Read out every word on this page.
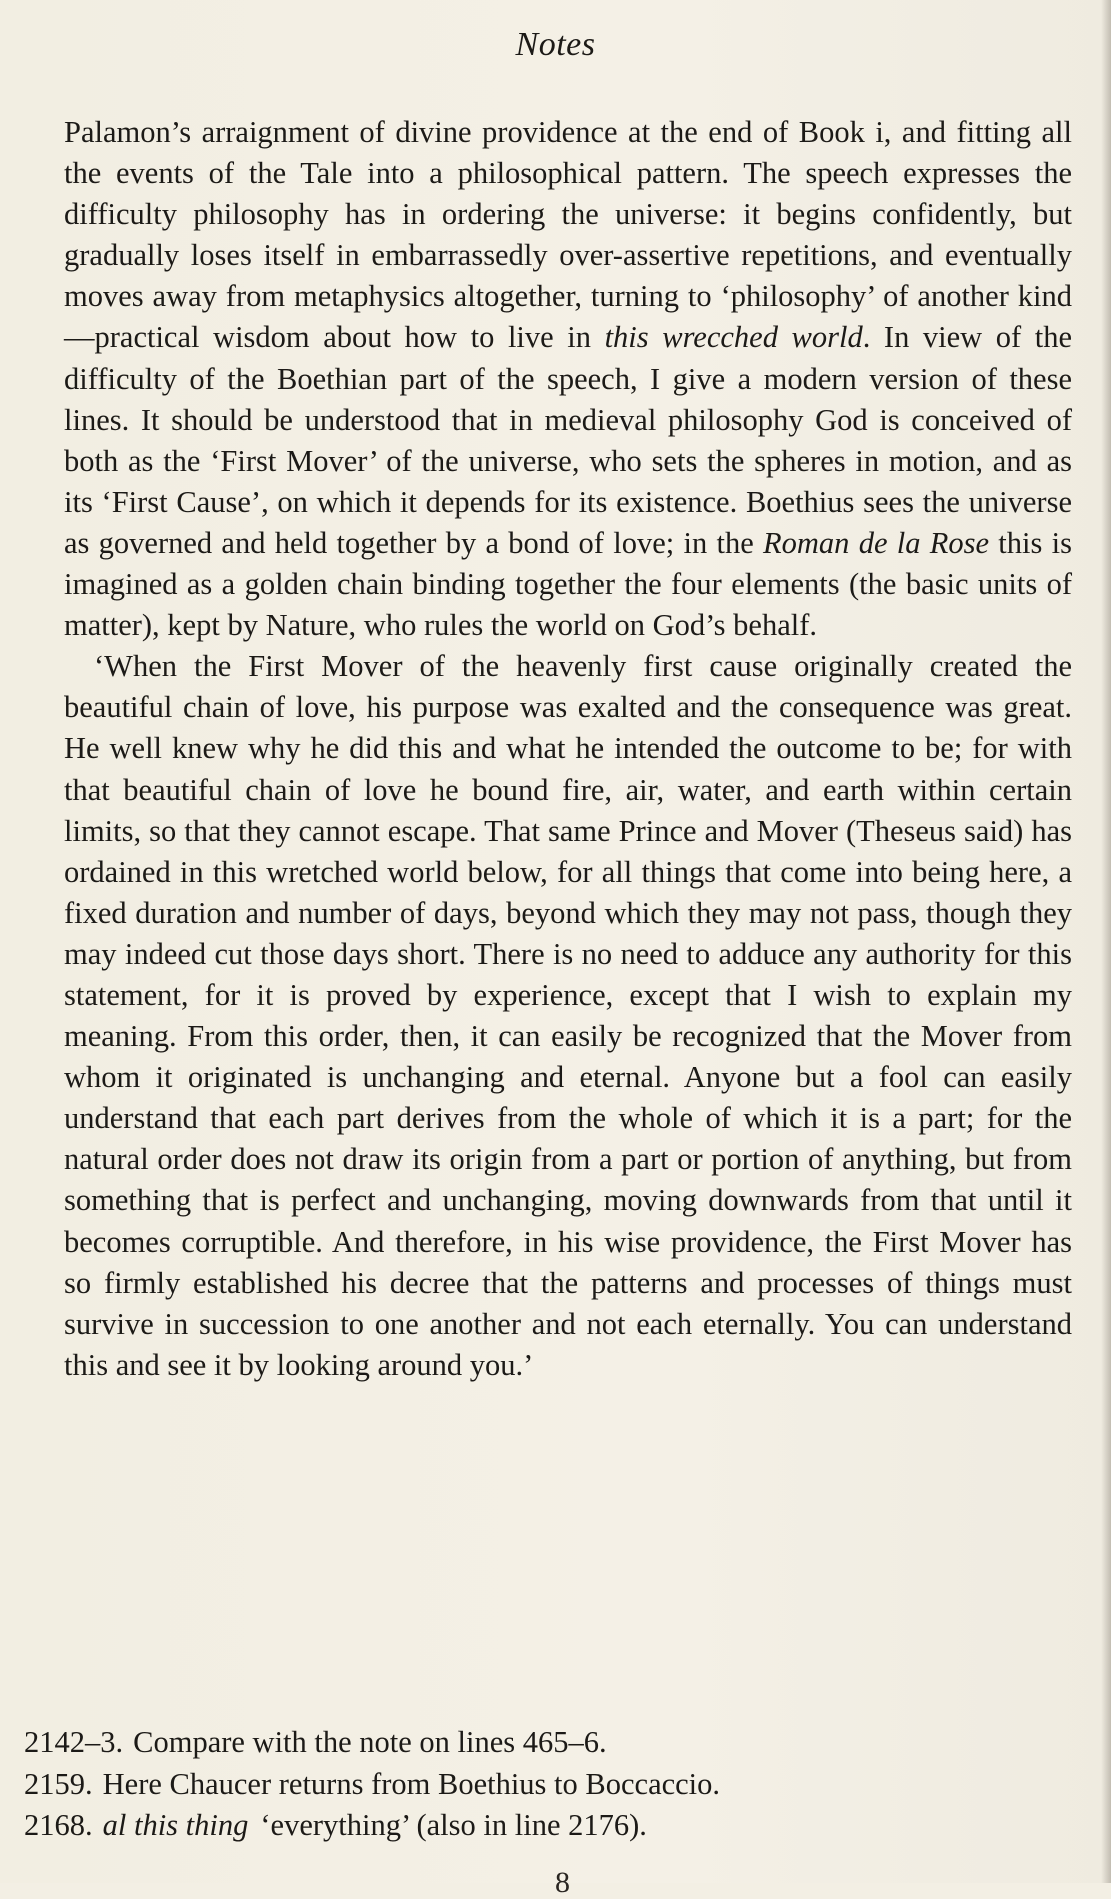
Notes

Palamon’s arraignment of divine providence at the end of Book i, and fitting all the events of the Tale into a philosophical pattern. The speech expresses the difficulty philosophy has in ordering the universe: it begins confidently, but gradually loses itself in embarrassedly over-assertive repetitions, and eventually moves away from metaphysics altogether, turning to ‘philosophy’ of another kind—practical wisdom about how to live in this wrecched world. In view of the difficulty of the Boethian part of the speech, I give a modern version of these lines. It should be understood that in medieval philosophy God is conceived of both as the ‘First Mover’ of the universe, who sets the spheres in motion, and as its ‘First Cause’, on which it depends for its existence. Boethius sees the universe as governed and held together by a bond of love; in the Roman de la Rose this is imagined as a golden chain binding together the four elements (the basic units of matter), kept by Nature, who rules the world on God’s behalf.

‘When the First Mover of the heavenly first cause originally created the beautiful chain of love, his purpose was exalted and the consequence was great. He well knew why he did this and what he intended the outcome to be; for with that beautiful chain of love he bound fire, air, water, and earth within certain limits, so that they cannot escape. That same Prince and Mover (Theseus said) has ordained in this wretched world below, for all things that come into being here, a fixed duration and number of days, beyond which they may not pass, though they may indeed cut those days short. There is no need to adduce any authority for this statement, for it is proved by experience, except that I wish to explain my meaning. From this order, then, it can easily be recognized that the Mover from whom it originated is unchanging and eternal. Anyone but a fool can easily understand that each part derives from the whole of which it is a part; for the natural order does not draw its origin from a part or portion of anything, but from something that is perfect and unchanging, moving downwards from that until it becomes corruptible. And therefore, in his wise providence, the First Mover has so firmly established his decree that the patterns and processes of things must survive in succession to one another and not each eternally. You can understand this and see it by looking around you.’

2142–3. Compare with the note on lines 465–6.
2159. Here Chaucer returns from Boethius to Boccaccio.
2168. al this thing ‘everything’ (also in line 2176).
8
